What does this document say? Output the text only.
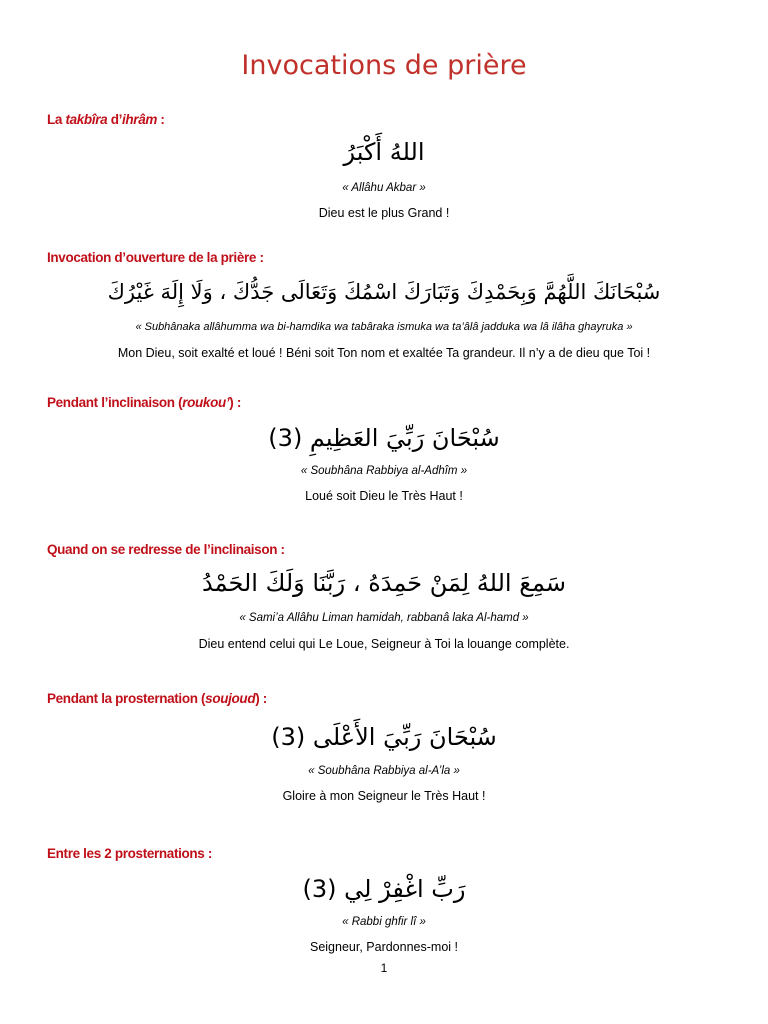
Invocations de prière
La takbîra d’ihrâm :
اللهُ أَكْبَرُ
« Allâhu Akbar »
Dieu est le plus Grand !
Invocation d’ouverture de la prière :
سُبْحَانَكَ اللَّهُمَّ وَبِحَمْدِكَ وَتَبَارَكَ اسْمُكَ وَتَعَالَى جَدُّكَ ، وَلَا إِلَهَ غَيْرُكَ
« Subhânaka allâhumma wa bi-hamdika wa tabâraka ismuka wa ta’âlâ jadduka wa lâ ilâha ghayruka »
Mon Dieu, soit exalté et loué ! Béni soit Ton nom et exaltée Ta grandeur. Il n’y a de dieu que Toi !
Pendant l’inclinaison (roukou’) :
سُبْحَانَ رَبِّيَ العَظِيمِ (3)
« Soubhâna Rabbiya al-Adhîm »
Loué soit Dieu le Très Haut !
Quand on se redresse de l’inclinaison :
سَمِعَ اللهُ لِمَنْ حَمِدَهُ ، رَبَّنَا وَلَكَ الحَمْدُ
« Sami’a Allâhu Liman hamidah, rabbanâ laka Al-hamd »
Dieu entend celui qui Le Loue, Seigneur à Toi la louange complète.
Pendant la prosternation (soujoud) :
سُبْحَانَ رَبِّيَ الأَعْلَى (3)
« Soubhâna Rabbiya al-A’la »
Gloire à mon Seigneur le Très Haut !
Entre les 2 prosternations :
رَبِّ اغْفِرْ لِي (3)
« Rabbi ghfir lî »
Seigneur, Pardonnes-moi !
1
